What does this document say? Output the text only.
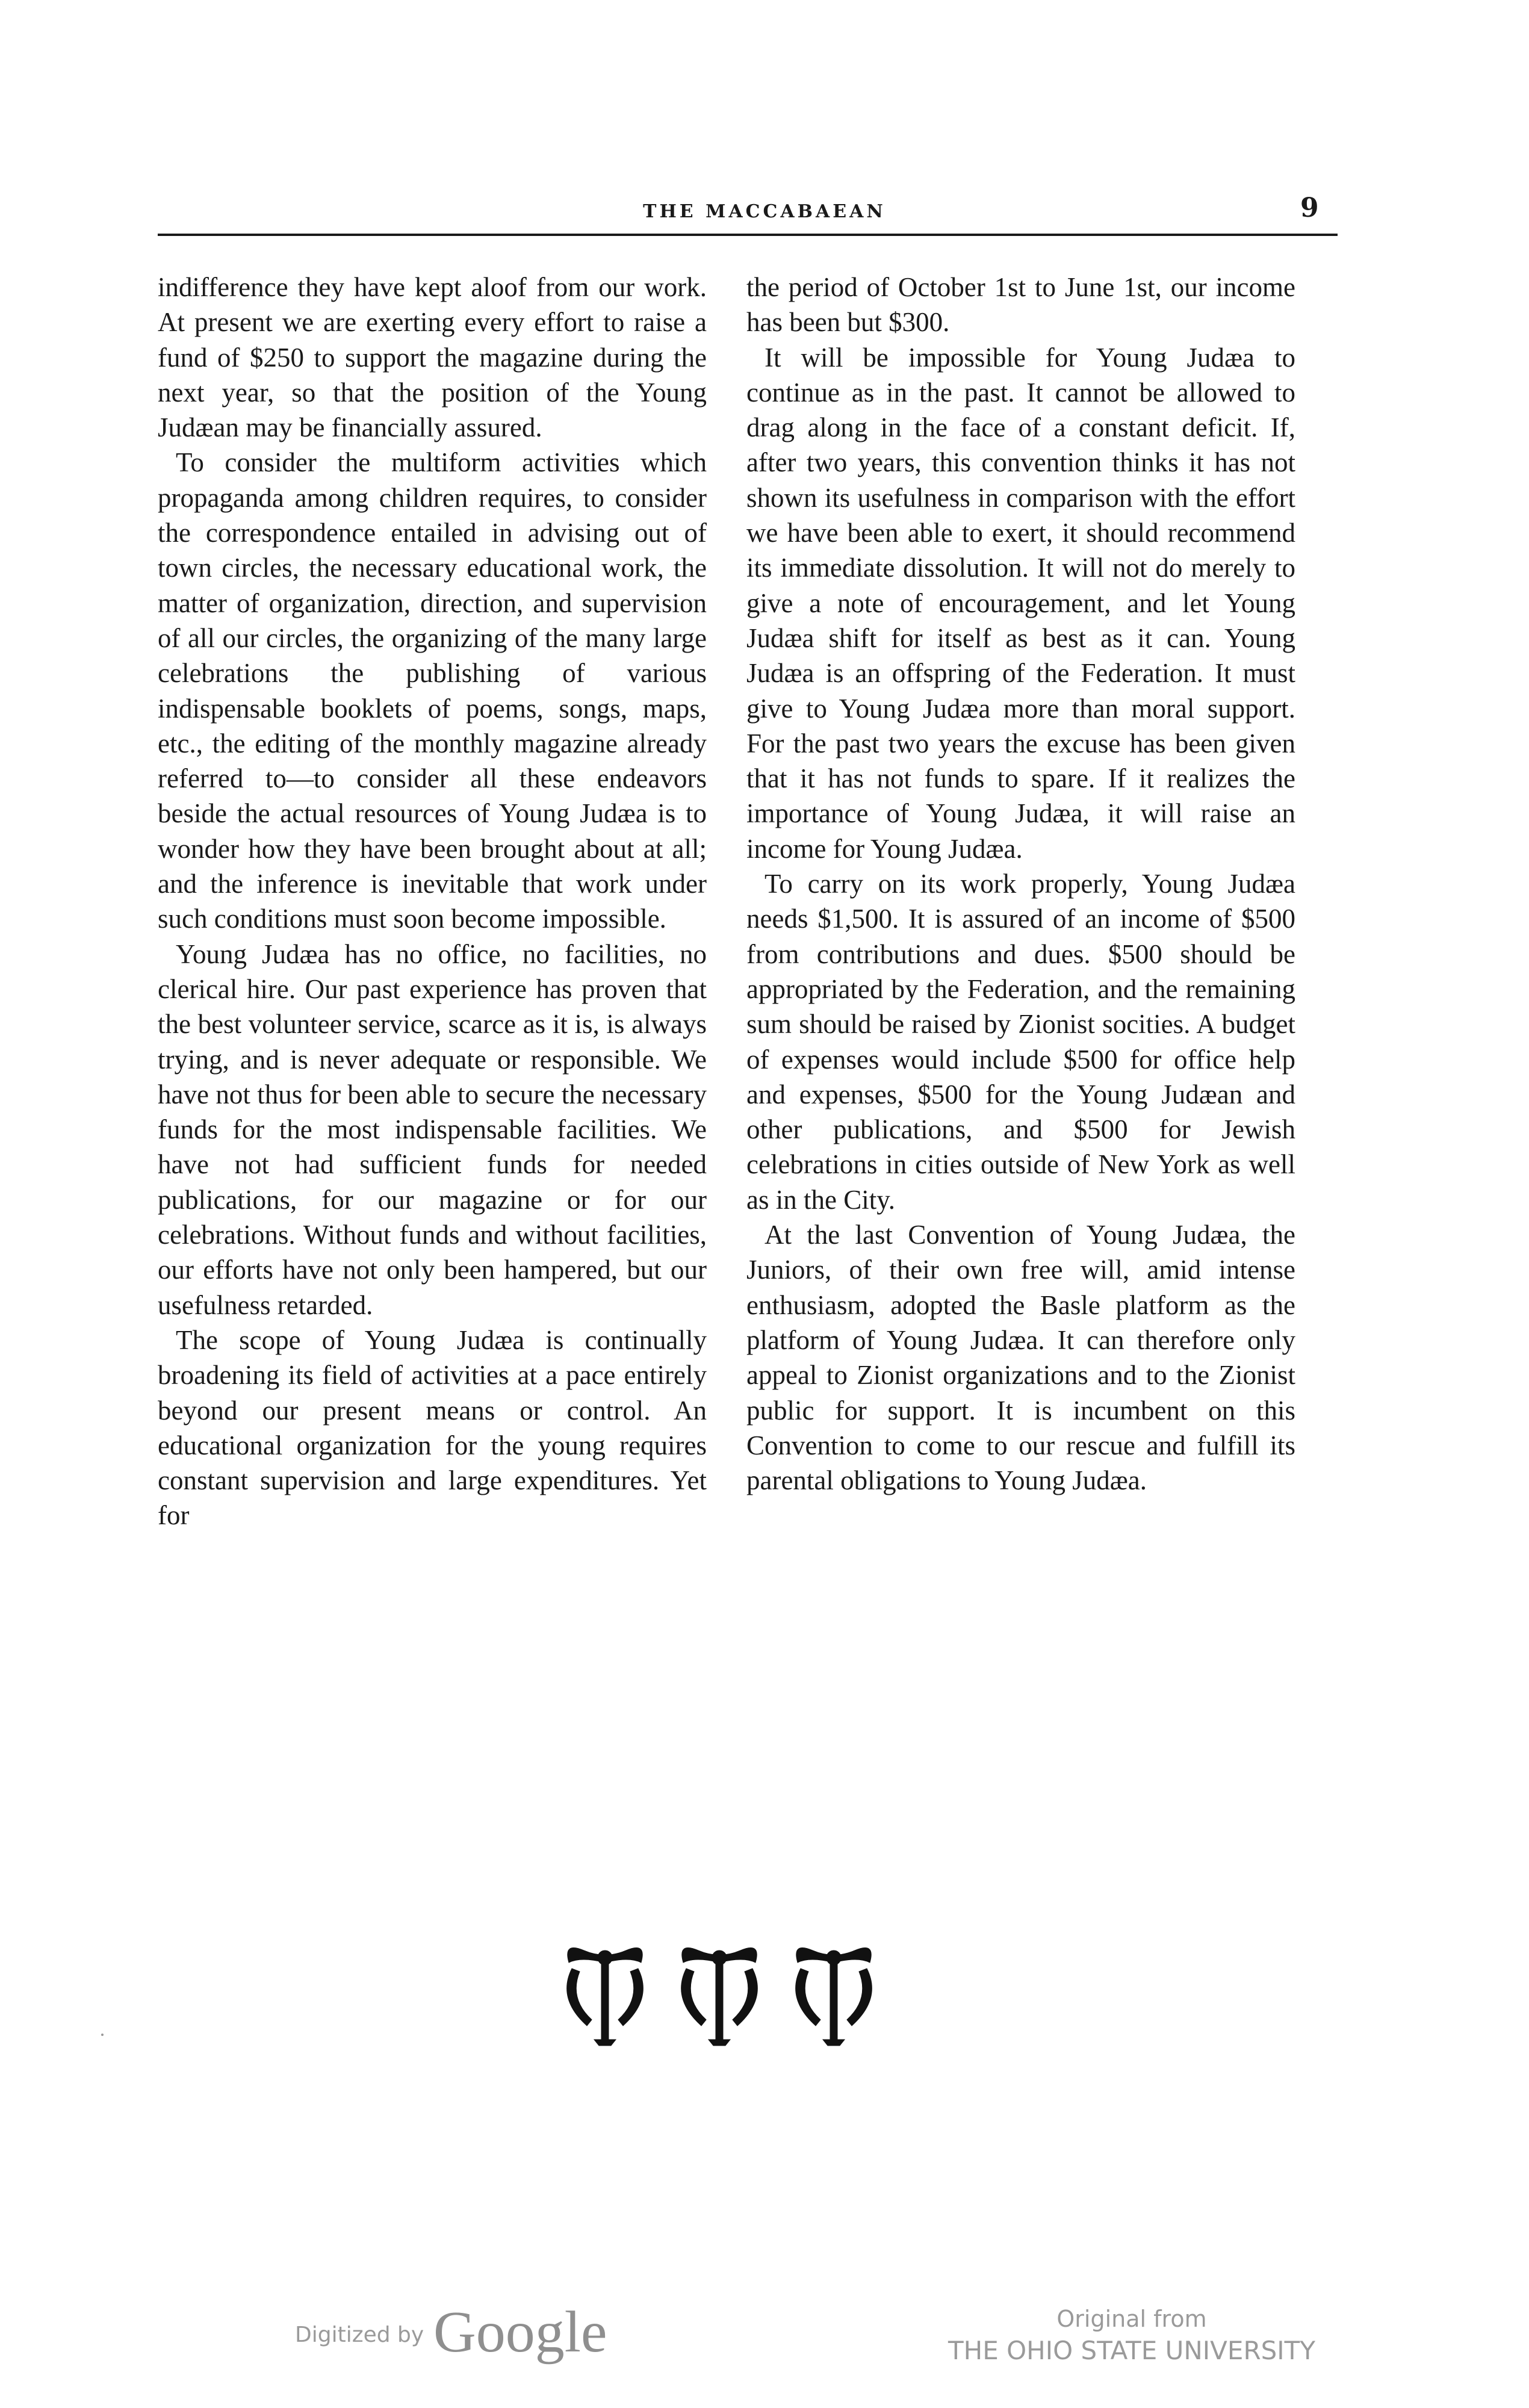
THE MACCABAEAN	9

indifference they have kept aloof from our work. At present we are exerting every effort to raise a fund of $250 to support the magazine during the next year, so that the position of the Young Judæan may be financially assured.

To consider the multiform activities which propaganda among children requires, to consider the correspondence entailed in advising out of town circles, the necessary educational work, the matter of organization, direction, and supervision of all our circles, the organizing of the many large celebrations the publishing of various indispensable booklets of poems, songs, maps, etc., the editing of the monthly magazine already referred to—to consider all these endeavors beside the actual resources of Young Judæa is to wonder how they have been brought about at all; and the inference is inevitable that work under such conditions must soon become impossible.

Young Judæa has no office, no facilities, no clerical hire. Our past experience has proven that the best volunteer service, scarce as it is, is always trying, and is never adequate or responsible. We have not thus for been able to secure the necessary funds for the most indispensable facilities. We have not had sufficient funds for needed publications, for our magazine or for our celebrations. Without funds and without facilities, our efforts have not only been hampered, but our usefulness retarded.

The scope of Young Judæa is continually broadening its field of activities at a pace entirely beyond our present means or control. An educational organization for the young requires constant supervision and large expenditures. Yet for

the period of October 1st to June 1st, our income has been but $300.

It will be impossible for Young Judæa to continue as in the past. It cannot be allowed to drag along in the face of a constant deficit. If, after two years, this convention thinks it has not shown its usefulness in comparison with the effort we have been able to exert, it should recommend its immediate dissolution. It will not do merely to give a note of encouragement, and let Young Judæa shift for itself as best as it can. Young Judæa is an offspring of the Federation. It must give to Young Judæa more than moral support. For the past two years the excuse has been given that it has not funds to spare. If it realizes the importance of Young Judæa, it will raise an income for Young Judæa.

To carry on its work properly, Young Judæa needs $1,500. It is assured of an income of $500 from contributions and dues. $500 should be appropriated by the Federation, and the remaining sum should be raised by Zionist socities. A budget of expenses would include $500 for office help and expenses, $500 for the Young Judæan and other publications, and $500 for Jewish celebrations in cities outside of New York as well as in the City.

At the last Convention of Young Judæa, the Juniors, of their own free will, amid intense enthusiasm, adopted the Basle platform as the platform of Young Judæa. It can therefore only appeal to Zionist organizations and to the Zionist public for support. It is incumbent on this Convention to come to our rescue and fulfill its parental obligations to Young Judæa.

Digitized by Google	Original from
THE OHIO STATE UNIVERSITY
